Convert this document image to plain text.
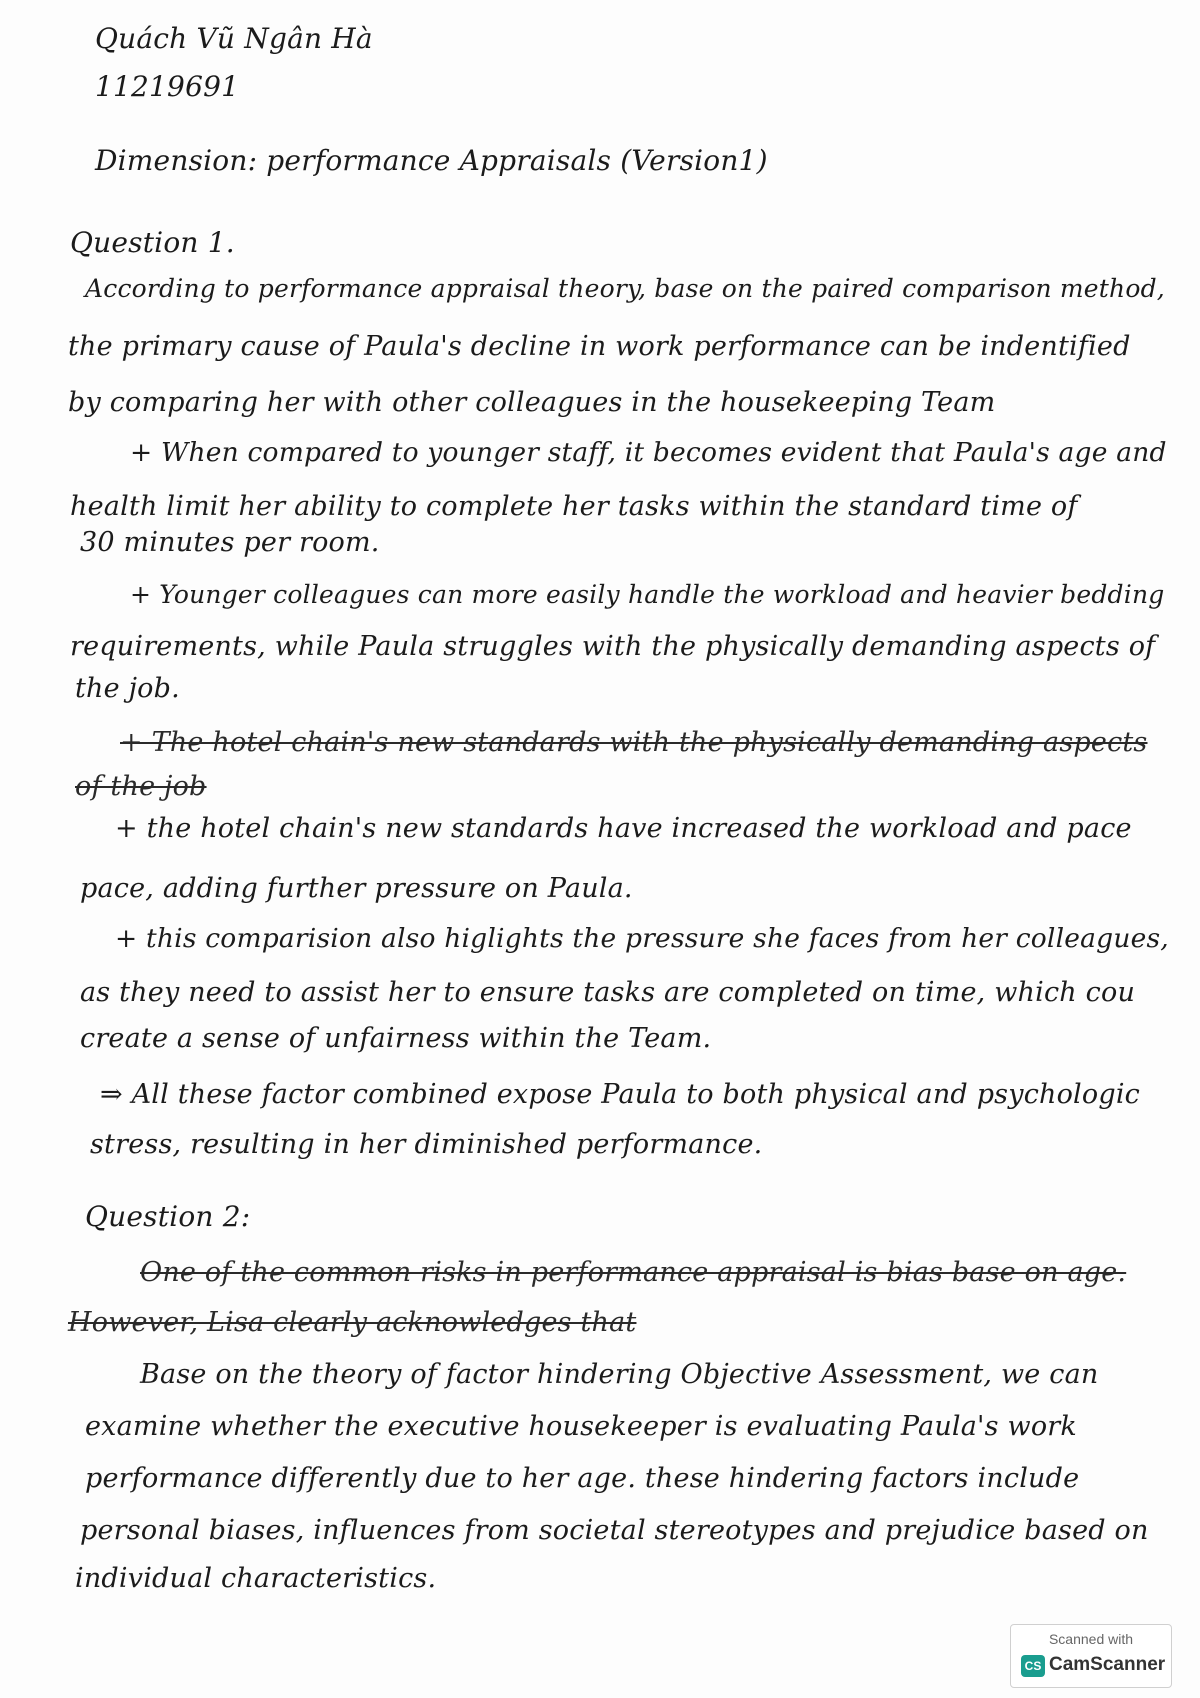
Quách Vũ Ngân Hà
11219691
Dimension: performance Appraisals (Version1)
Question 1.
According to performance appraisal theory, base on the paired comparison method,
the primary cause of Paula's decline in work performance can be indentified
by comparing her with other colleagues in the housekeeping Team
+ When compared to younger staff, it becomes evident that Paula's age and
health limit her ability to complete her tasks within the standard time of
30 minutes per room.
+ Younger colleagues can more easily handle the workload and heavier bedding
requirements, while Paula struggles with the physically demanding aspects of
the job.
+ The hotel chain's new standards with the physically demanding aspects
of the job
+ the hotel chain's new standards have increased the workload and pace
pace, adding further pressure on Paula.
+ this comparision also higlights the pressure she faces from her colleagues,
as they need to assist her to ensure tasks are completed on time, which cou
create a sense of unfairness within the Team.
⇒ All these factor combined expose Paula to both physical and psychologic
stress, resulting in her diminished performance.
Question 2:
One of the common risks in performance appraisal is bias base on age.
However, Lisa clearly acknowledges that
Base on the theory of factor hindering Objective Assessment, we can
examine whether the executive housekeeper is evaluating Paula's work
performance differently due to her age. these hindering factors include
personal biases, influences from societal stereotypes and prejudice based on
individual characteristics.
Scanned with
CS CamScanner
